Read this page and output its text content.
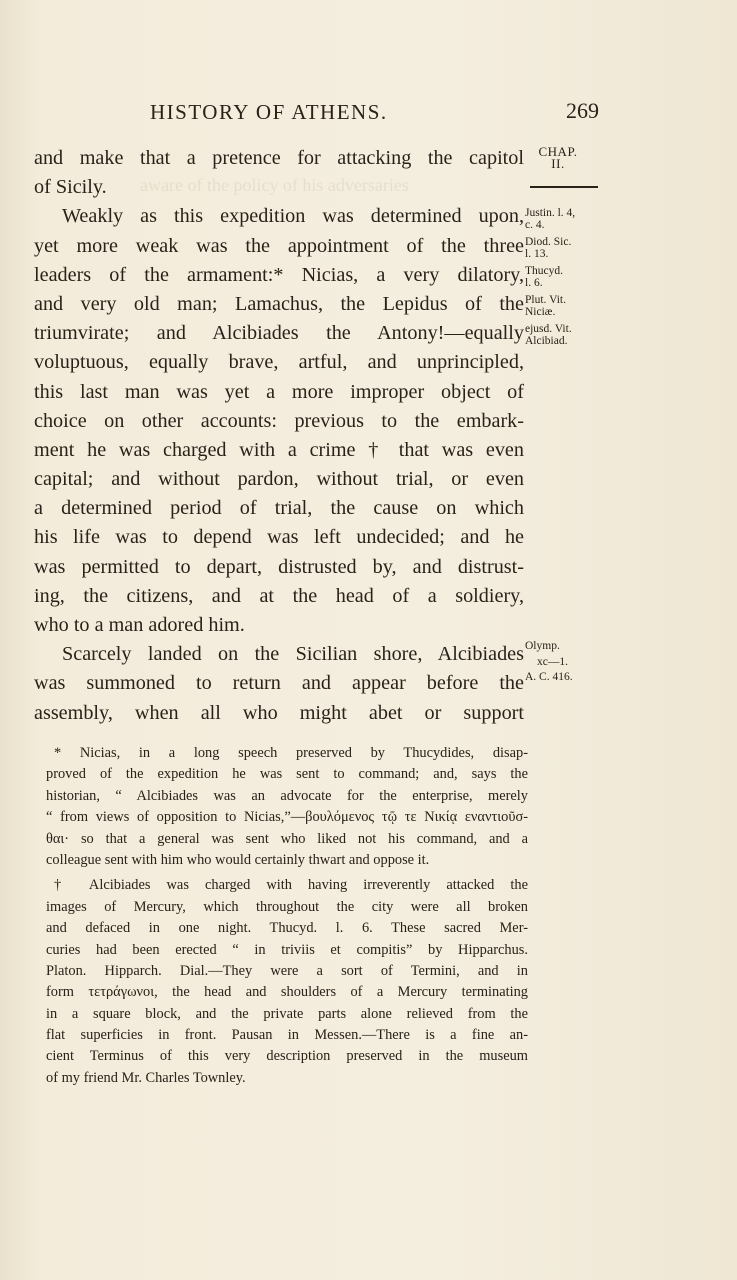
aware of the policy of his adversaries
HISTORY OF ATHENS.	269
CHAP.
II.
Justin. l. 4,
c. 4.
Diod. Sic.
l. 13.
Thucyd.
l. 6.
Plut. Vit.
Niciæ.
ejusd. Vit.
Alcibiad.
Olymp.
xc—1.
A. C. 416.
and make that a pretence for attacking the capitol
of Sicily.
Weakly as this expedition was determined upon,
yet more weak was the appointment of the three
leaders of the armament:* Nicias, a very dilatory,
and very old man; Lamachus, the Lepidus of the
triumvirate; and Alcibiades the Antony!—equally
voluptuous, equally brave, artful, and unprincipled,
this last man was yet a more improper object of
choice on other accounts: previous to the embark-
ment he was charged with a crime † that was even
capital; and without pardon, without trial, or even
a determined period of trial, the cause on which
his life was to depend was left undecided; and he
was permitted to depart, distrusted by, and distrust-
ing, the citizens, and at the head of a soldiery,
who to a man adored him.
Scarcely landed on the Sicilian shore, Alcibiades
was summoned to return and appear before the
assembly, when all who might abet or support
* Nicias, in a long speech preserved by Thucydides, disap-
proved of the expedition he was sent to command; and, says the
historian, “ Alcibiades was an advocate for the enterprise, merely
“ from views of opposition to Nicias,”—βουλόμενος τῷ τε Νικίᾳ εναντιοῦσ-
θαι· so that a general was sent who liked not his command, and a
colleague sent with him who would certainly thwart and oppose it.
† Alcibiades was charged with having irreverently attacked the
images of Mercury, which throughout the city were all broken
and defaced in one night. Thucyd. l. 6. These sacred Mer-
curies had been erected “ in triviis et compitis” by Hipparchus.
Platon. Hipparch. Dial.—They were a sort of Termini, and in
form τετράγωνοι, the head and shoulders of a Mercury terminating
in a square block, and the private parts alone relieved from the
flat superficies in front. Pausan in Messen.—There is a fine an-
cient Terminus of this very description preserved in the museum
of my friend Mr. Charles Townley.
